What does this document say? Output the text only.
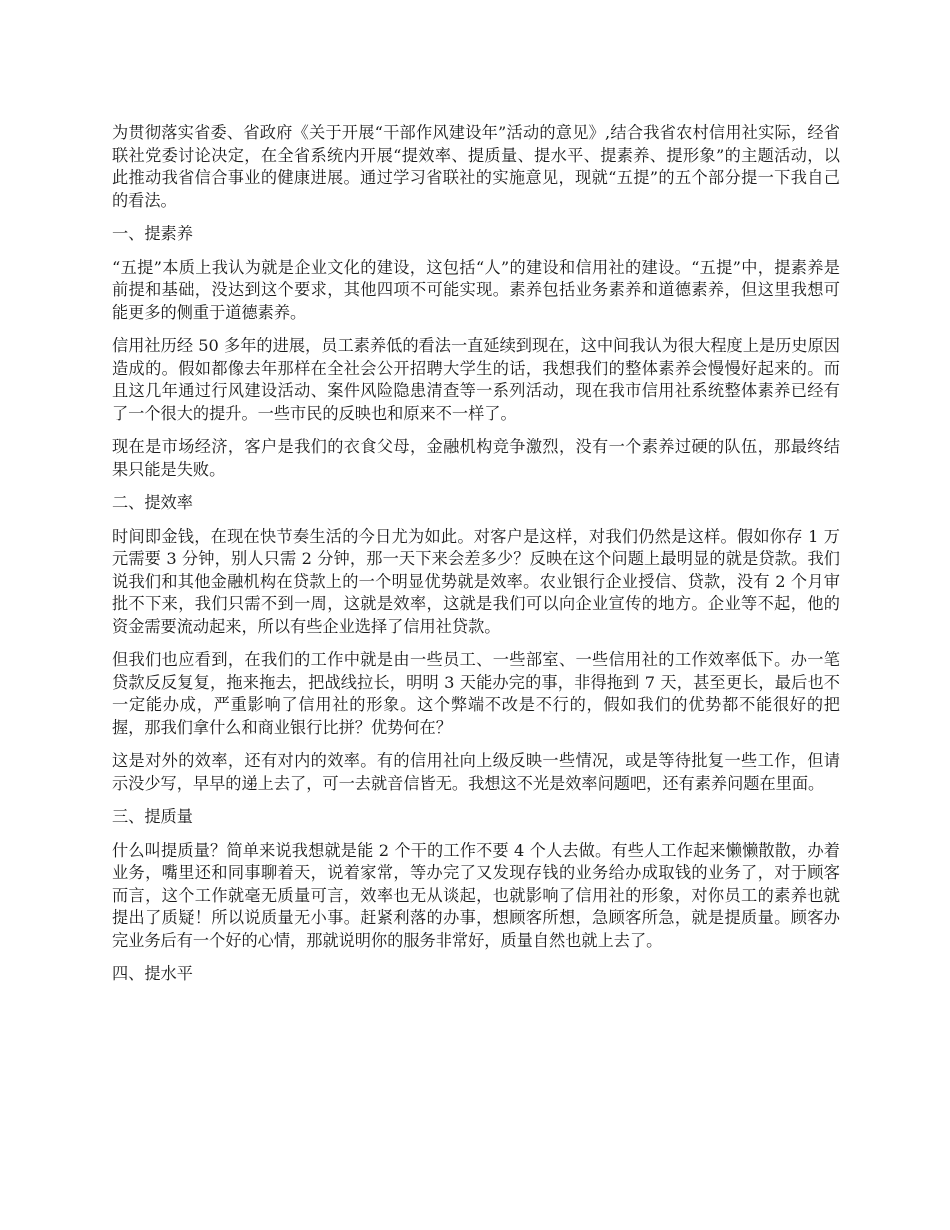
为贯彻落实省委、省政府《关于开展“干部作风建设年”活动的意见》,结合我省农村信用社实际，经省联社党委讨论决定，在全省系统内开展“提效率、提质量、提水平、提素养、提形象”的主题活动，以此推动我省信合事业的健康进展。通过学习省联社的实施意见，现就“五提”的五个部分提一下我自己的看法。

一、提素养

“五提”本质上我认为就是企业文化的建设，这包括“人”的建设和信用社的建设。“五提”中，提素养是前提和基础，没达到这个要求，其他四项不可能实现。素养包括业务素养和道德素养，但这里我想可能更多的侧重于道德素养。

信用社历经 50 多年的进展，员工素养低的看法一直延续到现在，这中间我认为很大程度上是历史原因造成的。假如都像去年那样在全社会公开招聘大学生的话，我想我们的整体素养会慢慢好起来的。而且这几年通过行风建设活动、案件风险隐患清查等一系列活动，现在我市信用社系统整体素养已经有了一个很大的提升。一些市民的反映也和原来不一样了。

现在是市场经济，客户是我们的衣食父母，金融机构竞争激烈，没有一个素养过硬的队伍，那最终结果只能是失败。

二、提效率

时间即金钱，在现在快节奏生活的今日尤为如此。对客户是这样，对我们仍然是这样。假如你存 1 万元需要 3 分钟，别人只需 2 分钟，那一天下来会差多少？反映在这个问题上最明显的就是贷款。我们说我们和其他金融机构在贷款上的一个明显优势就是效率。农业银行企业授信、贷款，没有 2 个月审批不下来，我们只需不到一周，这就是效率，这就是我们可以向企业宣传的地方。企业等不起，他的资金需要流动起来，所以有些企业选择了信用社贷款。

但我们也应看到，在我们的工作中就是由一些员工、一些部室、一些信用社的工作效率低下。办一笔贷款反反复复，拖来拖去，把战线拉长，明明 3 天能办完的事，非得拖到 7 天，甚至更长，最后也不一定能办成，严重影响了信用社的形象。这个弊端不改是不行的，假如我们的优势都不能很好的把握，那我们拿什么和商业银行比拼？优势何在？

这是对外的效率，还有对内的效率。有的信用社向上级反映一些情况，或是等待批复一些工作，但请示没少写，早早的递上去了，可一去就音信皆无。我想这不光是效率问题吧，还有素养问题在里面。

三、提质量

什么叫提质量？简单来说我想就是能 2 个干的工作不要 4 个人去做。有些人工作起来懒懒散散，办着业务，嘴里还和同事聊着天，说着家常，等办完了又发现存钱的业务给办成取钱的业务了，对于顾客而言，这个工作就毫无质量可言，效率也无从谈起，也就影响了信用社的形象，对你员工的素养也就提出了质疑！所以说质量无小事。赶紧利落的办事，想顾客所想，急顾客所急，就是提质量。顾客办完业务后有一个好的心情，那就说明你的服务非常好，质量自然也就上去了。

四、提水平
